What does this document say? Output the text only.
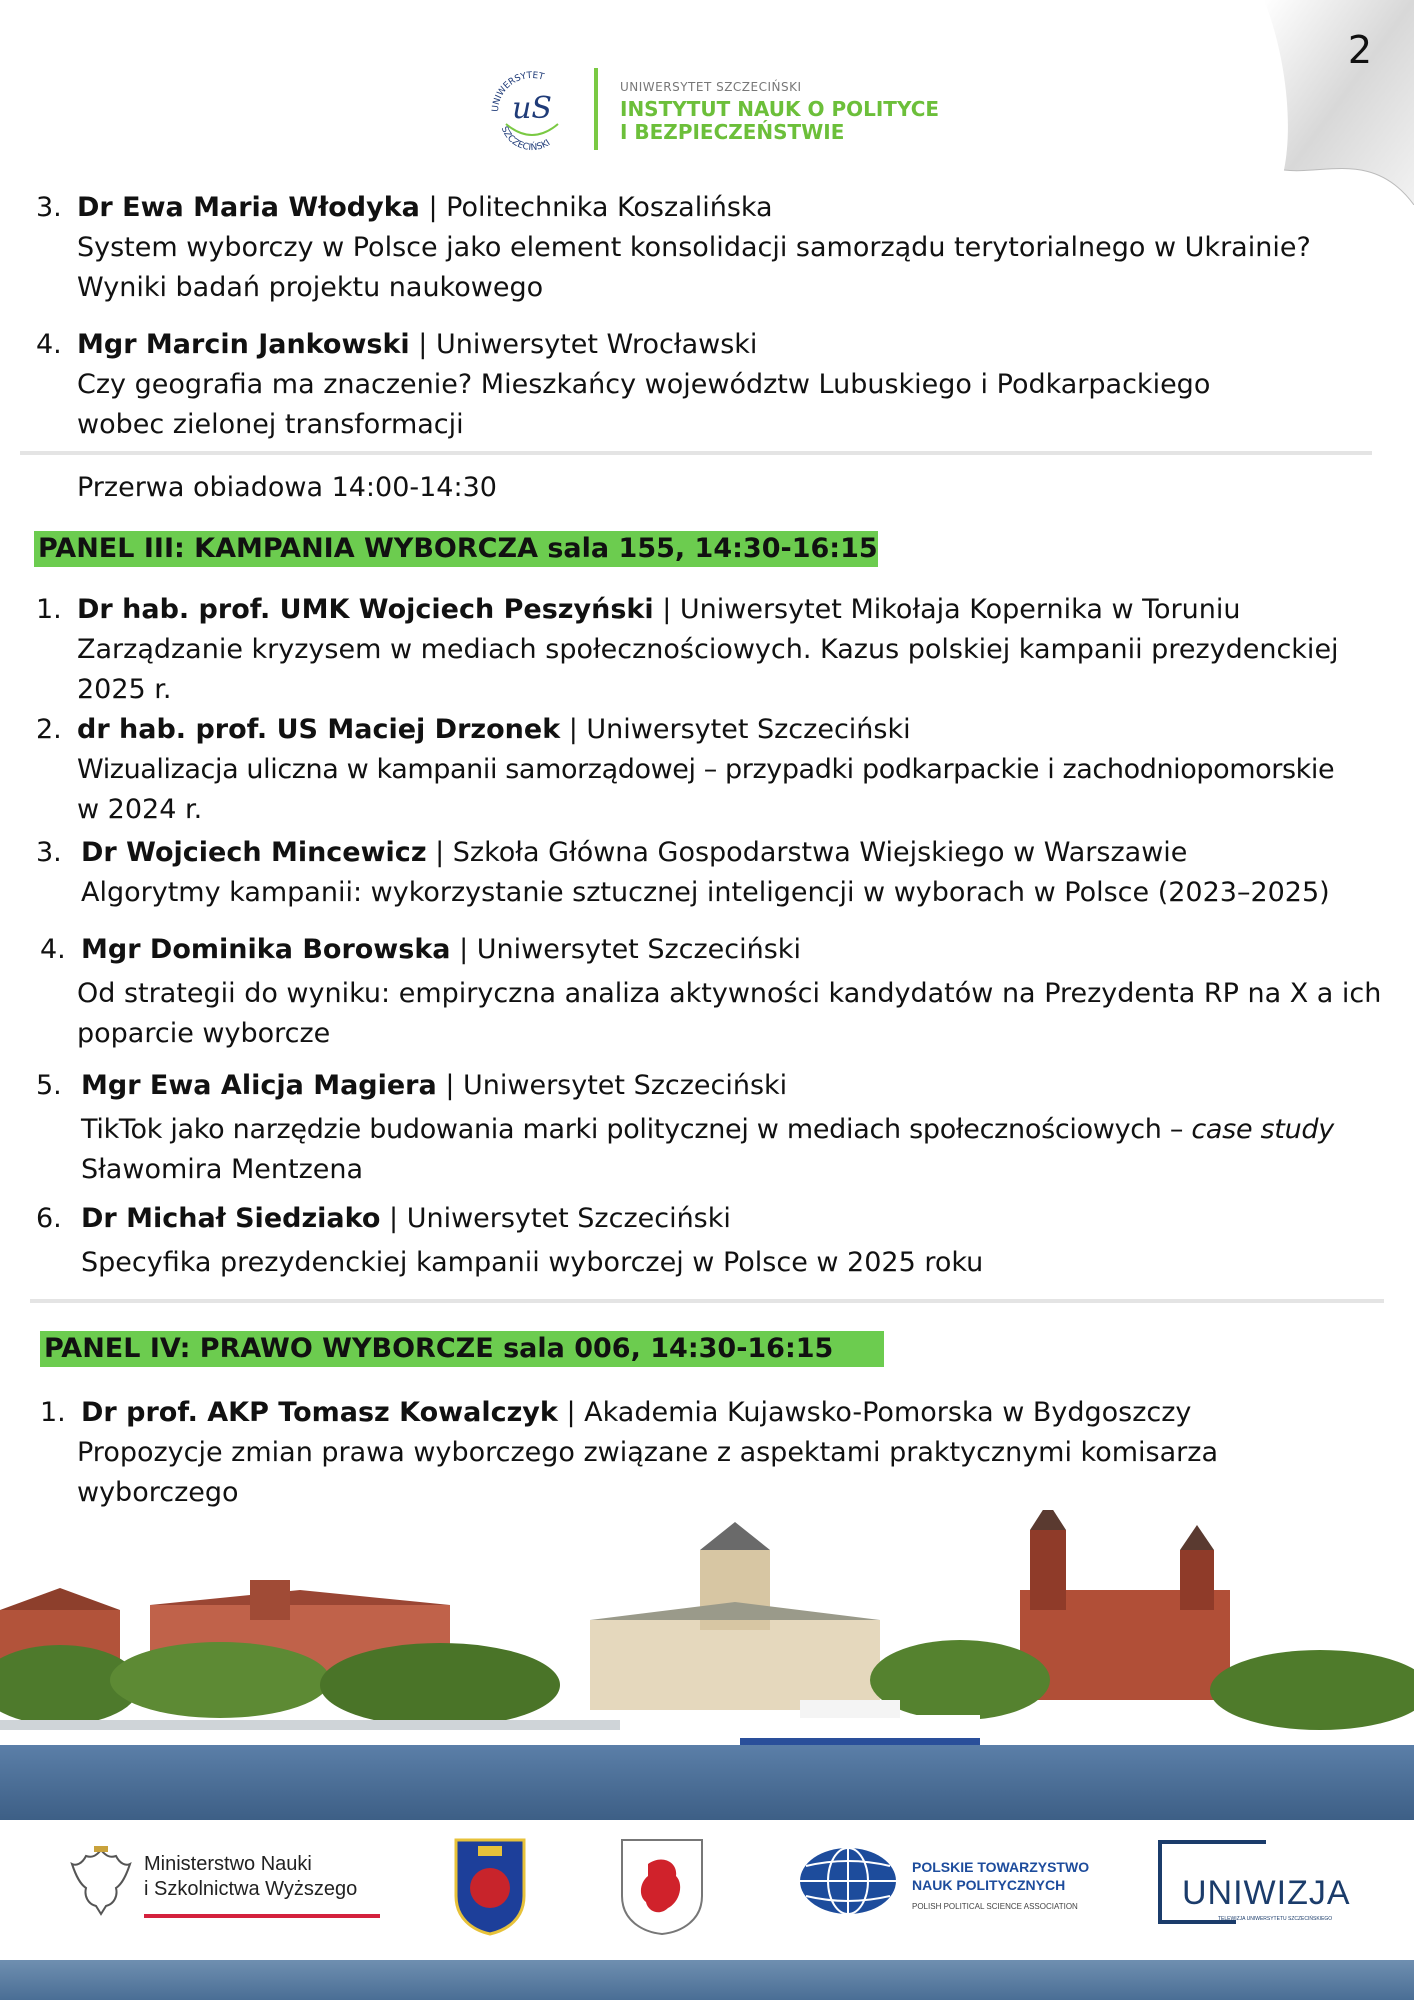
2
uS
UNIWERSYTET
SZCZECIŃSKI
UNIWERSYTET SZCZECIŃSKI
INSTYTUT NAUK O POLITYCE
I BEZPIECZEŃSTWIE
3. Dr Ewa Maria Włodyka | Politechnika Koszalińska
System wyborczy w Polsce jako element konsolidacji samorządu terytorialnego w Ukrainie?
Wyniki badań projektu naukowego
4. Mgr Marcin Jankowski | Uniwersytet Wrocławski
Czy geografia ma znaczenie? Mieszkańcy województw Lubuskiego i Podkarpackiego
wobec zielonej transformacji
Przerwa obiadowa 14:00-14:30
PANEL III: KAMPANIA WYBORCZA sala 155, 14:30-16:15
1. Dr hab. prof. UMK Wojciech Peszyński | Uniwersytet Mikołaja Kopernika w Toruniu
Zarządzanie kryzysem w mediach społecznościowych. Kazus polskiej kampanii prezydenckiej
2025 r.
2. dr hab. prof. US Maciej Drzonek | Uniwersytet Szczeciński
Wizualizacja uliczna w kampanii samorządowej – przypadki podkarpackie i zachodniopomorskie
w 2024 r.
3. Dr Wojciech Mincewicz | Szkoła Główna Gospodarstwa Wiejskiego w Warszawie
Algorytmy kampanii: wykorzystanie sztucznej inteligencji w wyborach w Polsce (2023–2025)
4. Mgr Dominika Borowska | Uniwersytet Szczeciński
Od strategii do wyniku: empiryczna analiza aktywności kandydatów na Prezydenta RP na X a ich
poparcie wyborcze
5. Mgr Ewa Alicja Magiera | Uniwersytet Szczeciński
TikTok jako narzędzie budowania marki politycznej w mediach społecznościowych – case study
Sławomira Mentzena
6. Dr Michał Siedziako | Uniwersytet Szczeciński
Specyfika prezydenckiej kampanii wyborczej w Polsce w 2025 roku
PANEL IV: PRAWO WYBORCZE sala 006, 14:30-16:15
1. Dr prof. AKP Tomasz Kowalczyk | Akademia Kujawsko-Pomorska w Bydgoszczy
Propozycje zmian prawa wyborczego związane z aspektami praktycznymi komisarza
wyborczego
Ministerstwo Nauki
i Szkolnictwa Wyższego
POLSKIE TOWARZYSTWO
NAUK POLITYCZNYCH
POLISH POLITICAL SCIENCE ASSOCIATION	UNIWIZJA
TELEWIZJA UNIWERSYTETU SZCZECIŃSKIEGO
